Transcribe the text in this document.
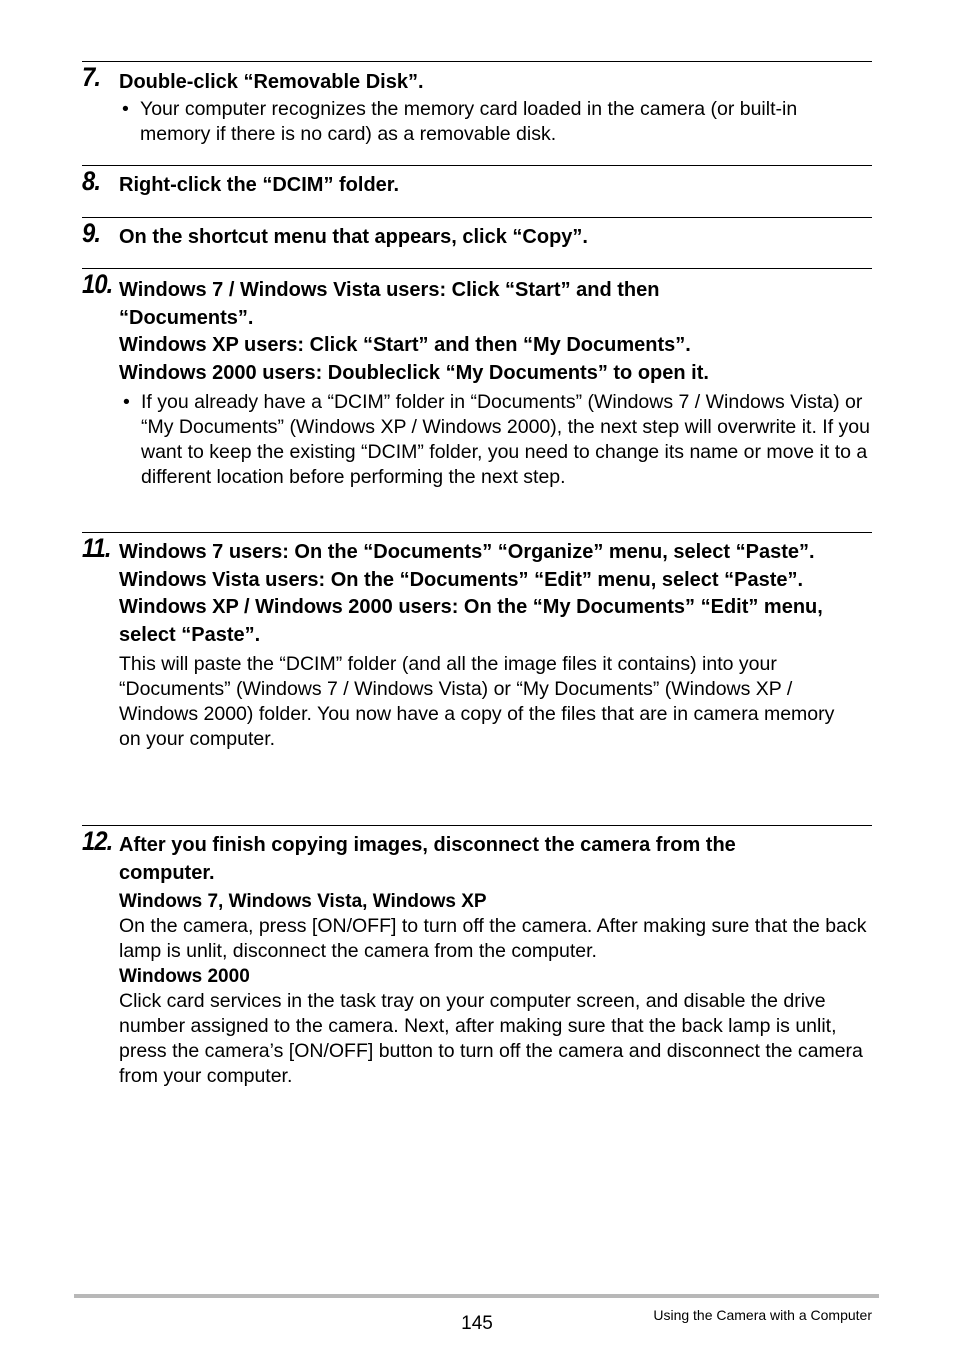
7. Double-click “Removable Disk”.
• Your computer recognizes the memory card loaded in the camera (or built-in memory if there is no card) as a removable disk.
8. Right-click the “DCIM” folder.
9. On the shortcut menu that appears, click “Copy”.
10. Windows 7 / Windows Vista users: Click “Start” and then “Documents”.
Windows XP users: Click “Start” and then “My Documents”.
Windows 2000 users: Doubleclick “My Documents” to open it.
• If you already have a “DCIM” folder in “Documents” (Windows 7 / Windows Vista) or “My Documents” (Windows XP / Windows 2000), the next step will overwrite it. If you want to keep the existing “DCIM” folder, you need to change its name or move it to a different location before performing the next step.
11. Windows 7 users: On the “Documents” “Organize” menu, select “Paste”.
Windows Vista users: On the “Documents” “Edit” menu, select “Paste”.
Windows XP / Windows 2000 users: On the “My Documents” “Edit” menu, select “Paste”.
This will paste the “DCIM” folder (and all the image files it contains) into your “Documents” (Windows 7 / Windows Vista) or “My Documents” (Windows XP / Windows 2000) folder. You now have a copy of the files that are in camera memory on your computer.
12. After you finish copying images, disconnect the camera from the computer.
Windows 7, Windows Vista, Windows XP
On the camera, press [ON/OFF] to turn off the camera. After making sure that the back lamp is unlit, disconnect the camera from the computer.
Windows 2000
Click card services in the task tray on your computer screen, and disable the drive number assigned to the camera. Next, after making sure that the back lamp is unlit, press the camera’s [ON/OFF] button to turn off the camera and disconnect the camera from your computer.
145	Using the Camera with a Computer
